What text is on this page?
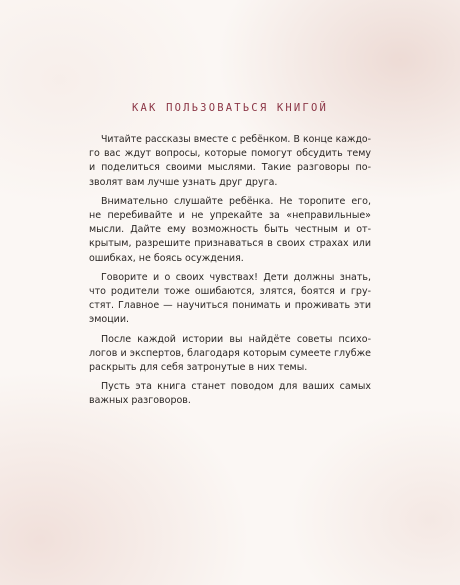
КАК ПОЛЬЗОВАТЬСЯ КНИГОЙ
Читайте рассказы вместе с ребёнком. В конце каждо-
го вас ждут вопросы, которые помогут обсудить тему
и поделиться своими мыслями. Такие разговоры по-
зволят вам лучше узнать друг друга.
Внимательно слушайте ребёнка. Не торопите его,
не перебивайте и не упрекайте за «неправильные»
мысли. Дайте ему возможность быть честным и от-
крытым, разрешите признаваться в своих страхах или
ошибках, не боясь осуждения.
Говорите и о своих чувствах! Дети должны знать,
что родители тоже ошибаются, злятся, боятся и гру-
стят. Главное — научиться понимать и проживать эти
эмоции.
После каждой истории вы найдёте советы психо-
логов и экспертов, благодаря которым сумеете глубже
раскрыть для себя затронутые в них темы.
Пусть эта книга станет поводом для ваших самых
важных разговоров.
